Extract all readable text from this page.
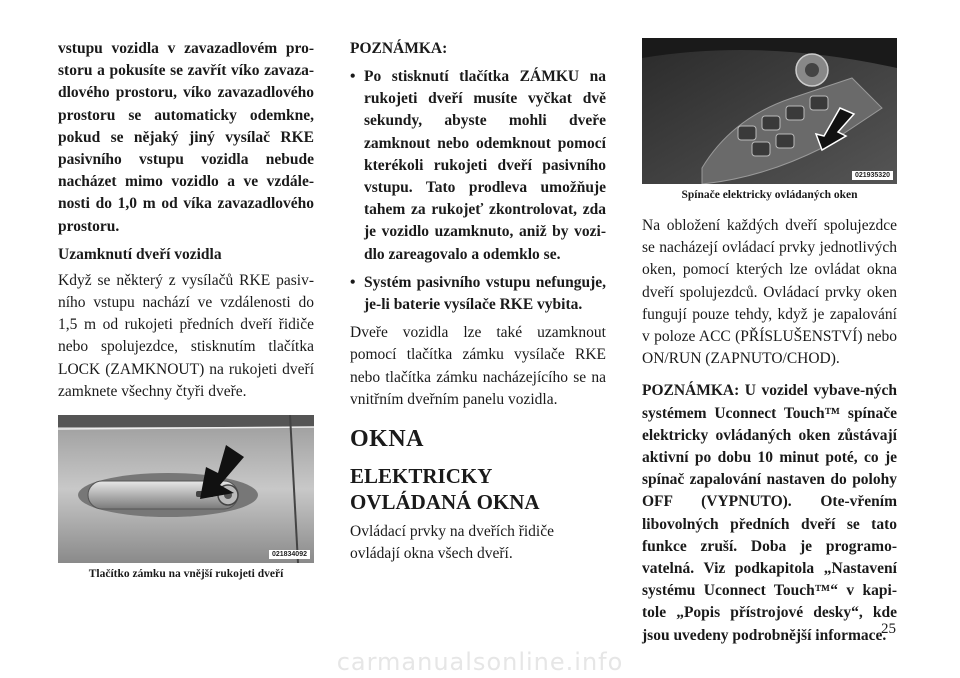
vstupu vozidla v zavazadlovém pro-storu a pokusíte se zavřít víko zavaza-dlového prostoru, víko zavazadlového prostoru se automaticky odemkne, pokud se nějaký jiný vysílač RKE pasivního vstupu vozidla nebude nacházet mimo vozidlo a ve vzdále-nosti do 1,0 m od víka zavazadlového prostoru.

Uzamknutí dveří vozidla

Když se některý z vysílačů RKE pasiv-ního vstupu nachází ve vzdálenosti do 1,5 m od rukojeti předních dveří řidiče nebo spolujezdce, stisknutím tlačítka LOCK (ZAMKNOUT) na rukojeti dveří zamknete všechny čtyři dveře.

021834092

Tlačítko zámku na vnější rukojeti dveří

POZNÁMKA:

• Po stisknutí tlačítka ZÁMKU na rukojeti dveří musíte vyčkat dvě sekundy, abyste mohli dveře zamknout nebo odemknout pomocí kterékoli rukojeti dveří pasivního vstupu. Tato prodleva umožňuje tahem za rukojeť zkontrolovat, zda je vozidlo uzamknuto, aniž by vozi-dlo zareagovalo a odemklo se.
• Systém pasivního vstupu nefunguje, je-li baterie vysílače RKE vybita.

Dveře vozidla lze také uzamknout pomocí tlačítka zámku vysílače RKE nebo tlačítka zámku nacházejícího se na vnitřním dveřním panelu vozidla.

OKNA

ELEKTRICKY OVLÁDANÁ OKNA

Ovládací prvky na dveřích řidiče ovládají okna všech dveří.

021935320

Spínače elektricky ovládaných oken

Na obložení každých dveří spolujezdce se nacházejí ovládací prvky jednotlivých oken, pomocí kterých lze ovládat okna dveří spolujezdců. Ovládací prvky oken fungují pouze tehdy, když je zapalování v poloze ACC (PŘÍSLUŠENSTVÍ) nebo ON/RUN (ZAPNUTO/CHOD).

POZNÁMKA: U vozidel vybave-ných systémem Uconnect Touch™ spínače elektricky ovládaných oken zůstávají aktivní po dobu 10 minut poté, co je spínač zapalování nastaven do polohy OFF (VYPNUTO). Ote-vřením libovolných předních dveří se tato funkce zruší. Doba je programo-vatelná. Viz podkapitola „Nastavení systému Uconnect Touch™“ v kapi-tole „Popis přístrojové desky“, kde jsou uvedeny podrobnější informace.

25
carmanualsonline.info
